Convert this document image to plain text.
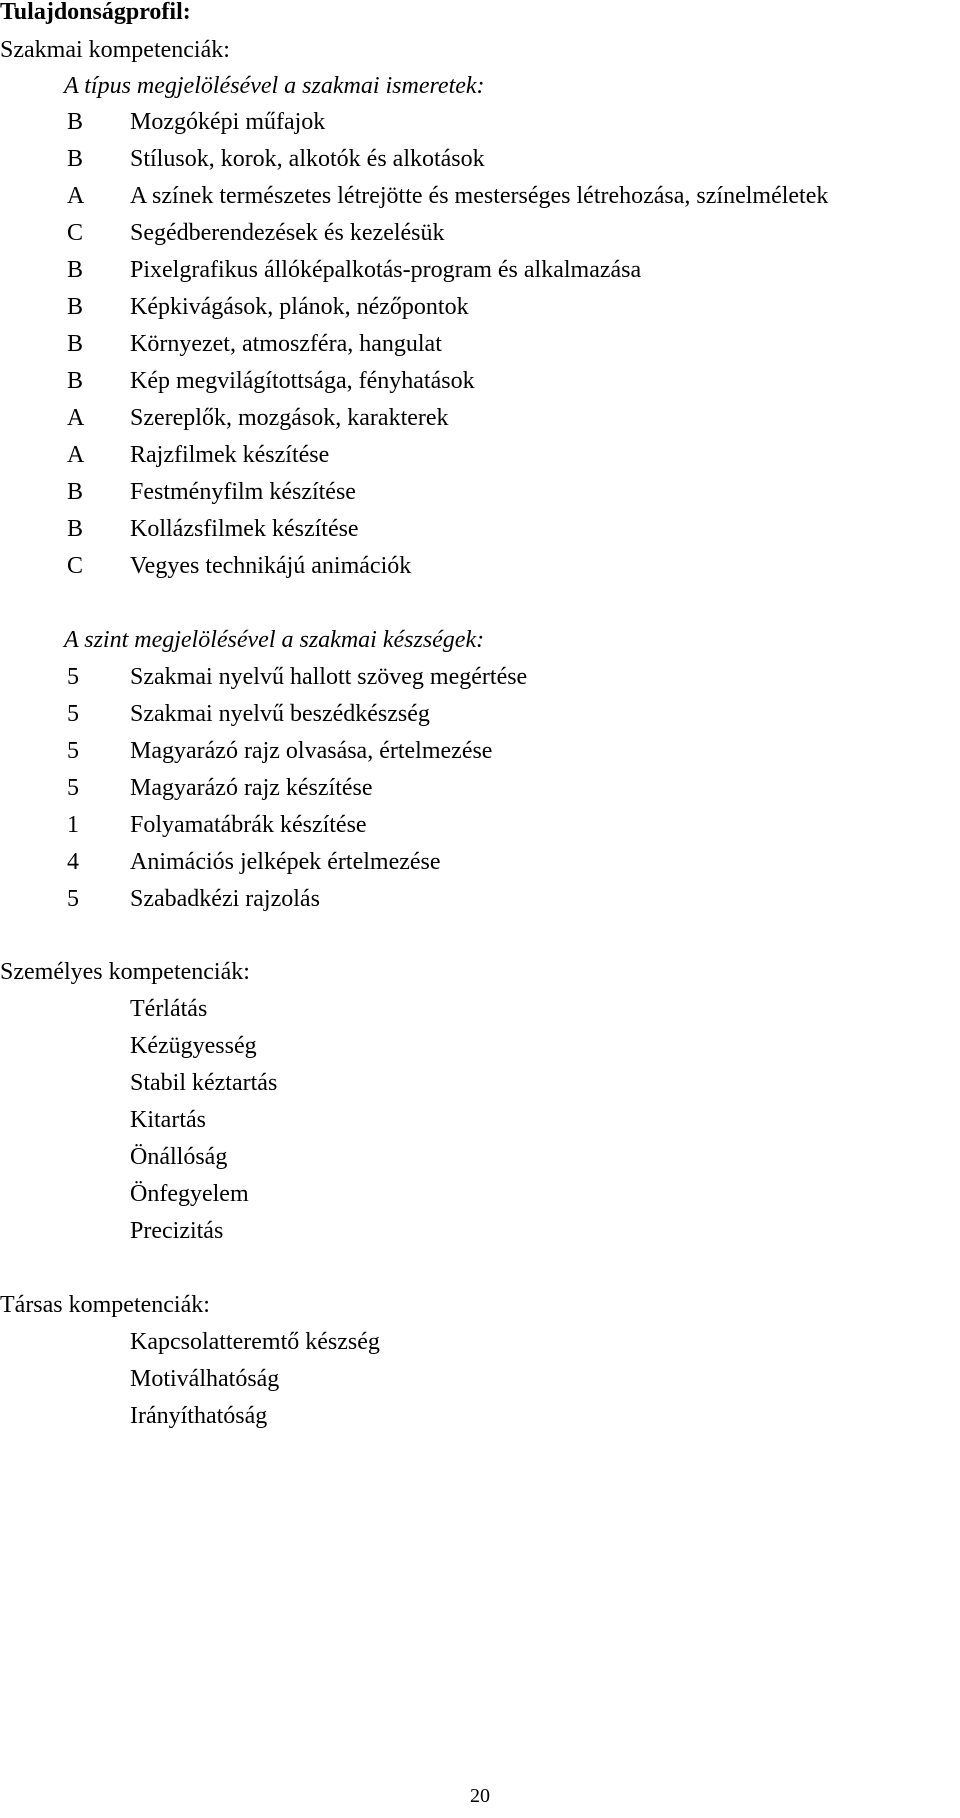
Tulajdonságprofil:
Szakmai kompetenciák:
A típus megjelölésével a szakmai ismeretek:
B	Mozgóképi műfajok
B	Stílusok, korok, alkotók és alkotások
A	A színek természetes létrejötte és mesterséges létrehozása, színelméletek
C	Segédberendezések és kezelésük
B	Pixelgrafikus állóképalkotás-program és alkalmazása
B	Képkivágások, plánok, nézőpontok
B	Környezet, atmoszféra, hangulat
B	Kép megvilágítottsága, fényhatások
A	Szereplők, mozgások, karakterek
A	Rajzfilmek készítése
B	Festményfilm készítése
B	Kollázsfilmek készítése
C	Vegyes technikájú animációk
A szint megjelölésével a szakmai készségek:
5	Szakmai nyelvű hallott szöveg megértése
5	Szakmai nyelvű beszédkészség
5	Magyarázó rajz olvasása, értelmezése
5	Magyarázó rajz készítése
1	Folyamatábrák készítése
4	Animációs jelképek értelmezése
5	Szabadkézi rajzolás
Személyes kompetenciák:
Térlátás
Kézügyesség
Stabil kéztartás
Kitartás
Önállóság
Önfegyelem
Precizitás
Társas kompetenciák:
Kapcsolatteremtő készség
Motiválhatóság
Irányíthatóság
20
